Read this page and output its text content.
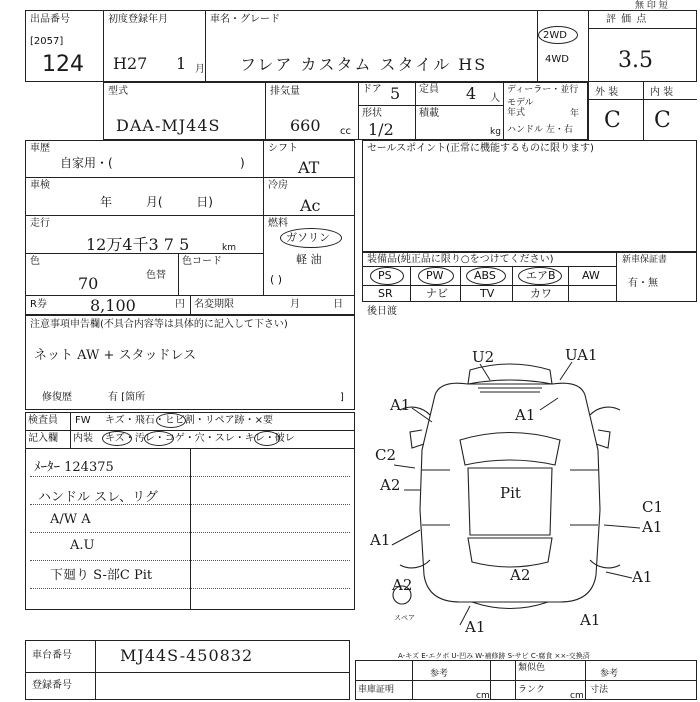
出品番号
[2057]
124
初度登録年月
H27 1 月
車名・グレード
フレア カスタム スタイル HS
2WD
4WD
評 価 点
3.5
外 装	内 装
C C
無 印 短
型式
DAA-MJ44S
排気量
660 cc
ドア 5 定員 4 人
形状
1/2
積載
kg
ディーラー・並行
モデル
年式	年
ハンドル 左・右
車歴
自家用・(	)
車検
年 月( 日)
走行
12万4千3 7 5	km
色
70	色替
色コード
R券	8,100	円 名変期限	月 日
シフト
AT
冷房
Ac
燃料
ガソリン
軽 油
( )
セールスポイント(正常に機能するものに限ります)
装備品(純正品に限り○をつけてください)	新車保証書
有・無
PS	PW	ABS	エアB AW
SR	ナビ	TV	カワ
後日渡
注意事項申告欄(不具合内容等は具体的に記入して下さい)
ネット AW + スタッドレス
修復歴	有 [箇所	]
検査員
記入欄
FW キズ・飛石・ヒビ割・リペア跡・×要
内装 キズ・汚レ・コゲ・穴・スレ・キレ・破レ
ﾒｰﾀｰ 124375
ハンドル スレ、リグ
A/W A
A.U
下廻り S-部C Pit
U2	UA1
A1
A1
C2
A2
A1
C1
A1
A1
A2
A2
A1	A1
Pit
スペア
A-キズ E-エクボ U-凹み W-補修跡 S-サビ C-腐食 ××-交換済
車台番号	MJ44S-450832
登録番号
参考
類似色
参考
車庫証明
cm	cm
ランク	寸法
